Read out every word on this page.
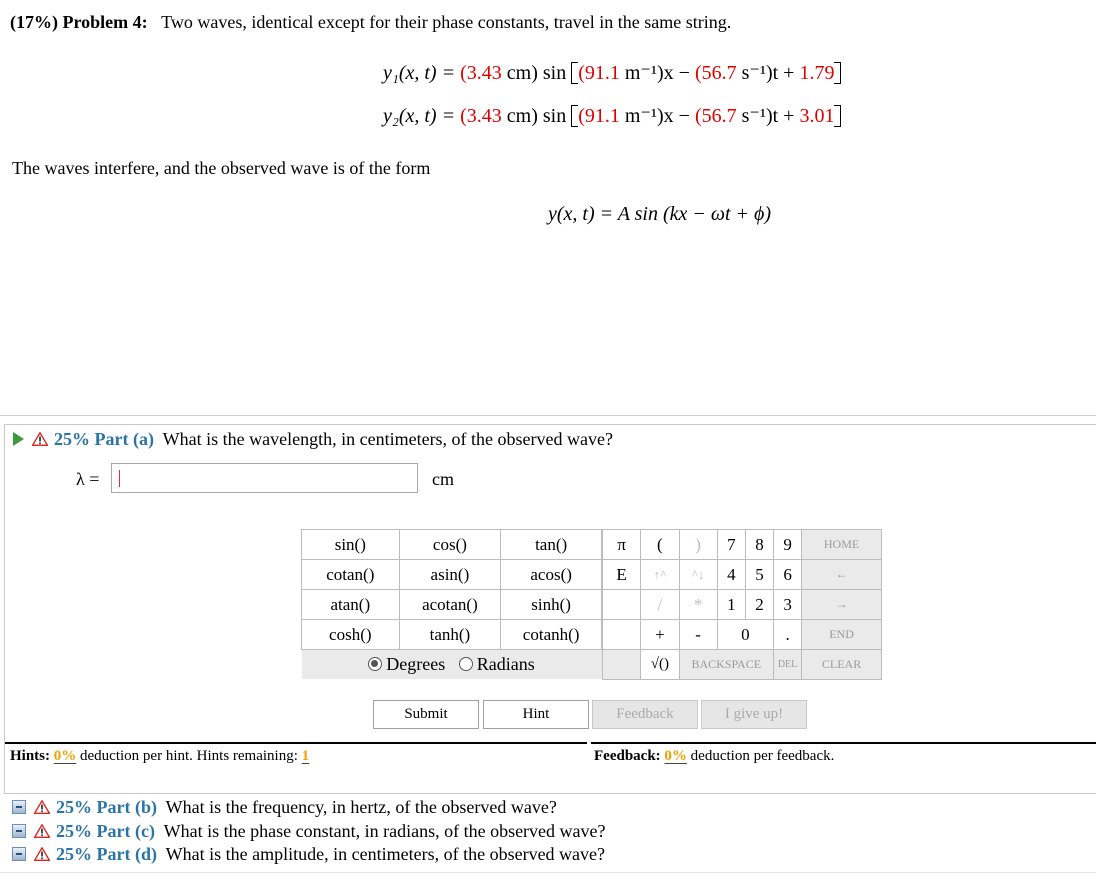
(17%) Problem 4: Two waves, identical except for their phase constants, travel in the same string.
y₁(x, t) = (3.43 cm) sin (91.1 m⁻¹)x − (56.7 s⁻¹)t + 1.79
y₂(x, t) = (3.43 cm) sin (91.1 m⁻¹)x − (56.7 s⁻¹)t + 3.01
The waves interfere, and the observed wave is of the form
y(x, t) = A sin (kx − ωt + ϕ)
25% Part (a) What is the wavelength, in centimeters, of the observed wave?
λ =	cm
sin()	cos()	tan()
cotan()	asin()	acos()
atan()	acotan()	sinh()
cosh()	tanh()	cotanh()
Degrees Radians		
π	(	)	7	8	9	HOME
E	↑^	^↓	4	5	6	←
	/	*	1	2	3	→
	+	-	0		.	END
	√()	BACKSPACE			DEL	CLEAR
Submit	Hint	Feedback	I give up!
Hints: 0% deduction per hint. Hints remaining: 1	Feedback: 0% deduction per feedback.
25% Part (b) What is the frequency, in hertz, of the observed wave?
25% Part (c) What is the phase constant, in radians, of the observed wave?
25% Part (d) What is the amplitude, in centimeters, of the observed wave?
